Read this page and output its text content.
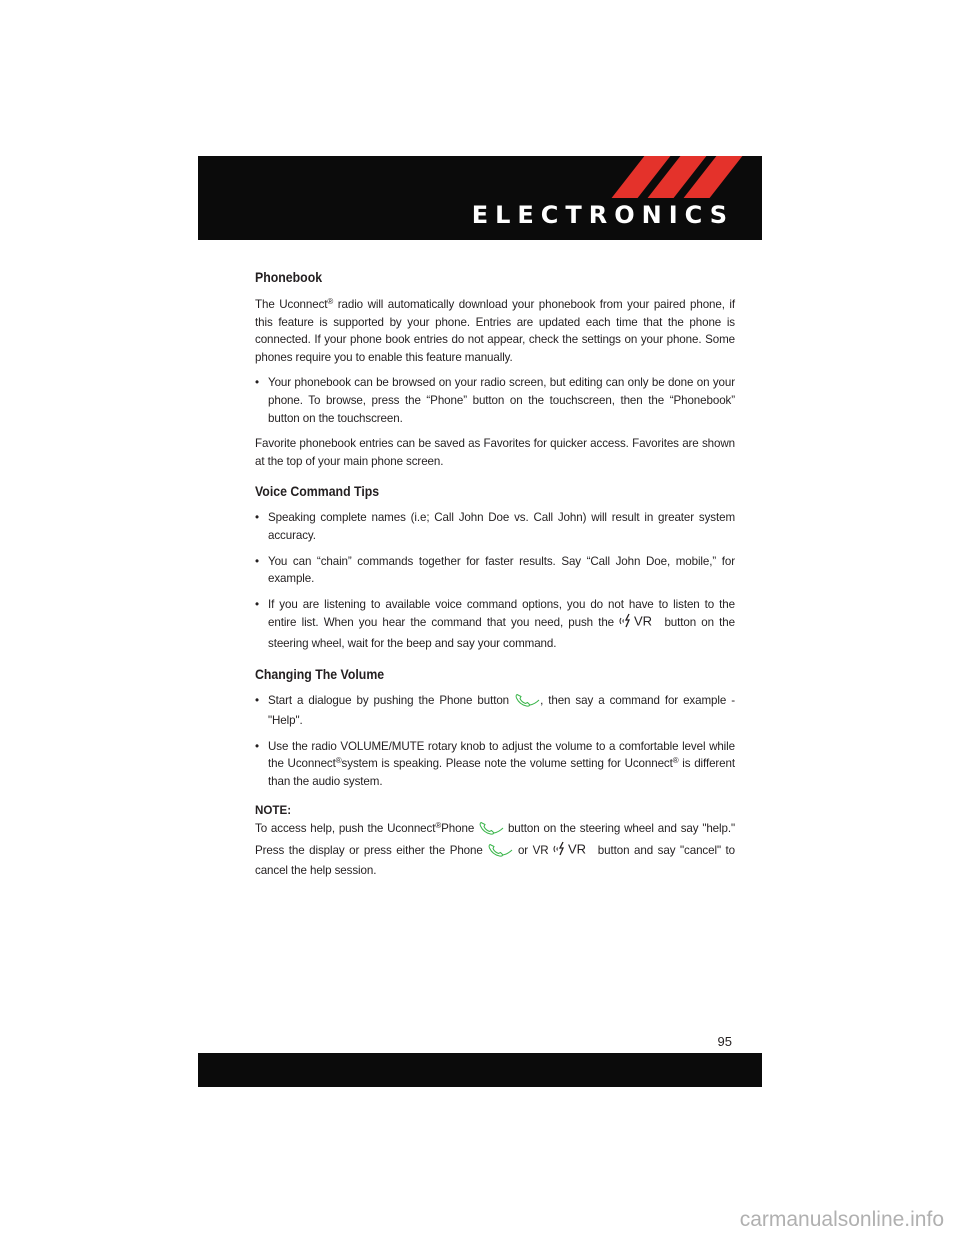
ELECTRONICS
Phonebook

The Uconnect® radio will automatically download your phonebook from your paired phone, if this feature is supported by your phone. Entries are updated each time that the phone is connected. If your phone book entries do not appear, check the settings on your phone. Some phones require you to enable this feature manually.

• Your phonebook can be browsed on your radio screen, but editing can only be done on your phone. To browse, press the “Phone” button on the touchscreen, then the “Phonebook” button on the touchscreen.

Favorite phonebook entries can be saved as Favorites for quicker access. Favorites are shown at the top of your main phone screen.

Voice Command Tips

• Speaking complete names (i.e; Call John Doe vs. Call John) will result in greater system accuracy.

• You can “chain” commands together for faster results. Say “Call John Doe, mobile,” for example.

• If you are listening to available voice command options, you do not have to listen to the entire list. When you hear the command that you need, push the VR button on the steering wheel, wait for the beep and say your command.

Changing The Volume

• Start a dialogue by pushing the Phone button	, then say a command for example - "Help".

• Use the radio VOLUME/MUTE rotary knob to adjust the volume to a comfortable level while the Uconnect®system is speaking. Please note the volume setting for Uconnect® is different than the audio system.

NOTE:

To access help, push the Uconnect®Phone	button on the steering wheel and say "help." Press the display or press either the Phone	or VR VR button and say "cancel" to cancel the help session.

95
carmanualsonline.info
